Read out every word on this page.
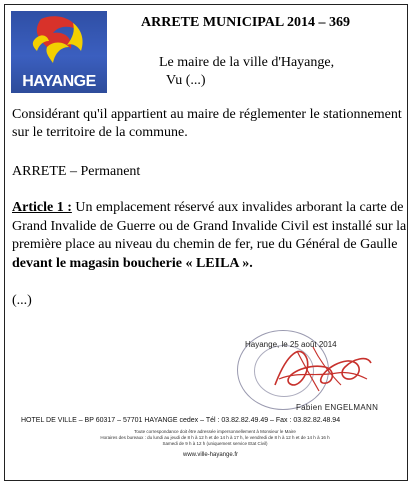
HAYANGE
ARRETE MUNICIPAL 2014 – 369
Le maire de la ville d'Hayange,
Vu (...)
Considérant qu'il appartient au maire de réglementer le stationnement sur le territoire de la commune.
ARRETE – Permanent
Article 1 : Un emplacement réservé aux invalides arborant la carte de Grand Invalide de Guerre ou de Grand Invalide Civil est installé sur la première place au niveau du chemin de fer, rue du Général de Gaulle devant le magasin boucherie « LEILA ».
(...)
Hayange, le 25 août 2014
Fabien ENGELMANN
HOTEL DE VILLE – BP 60317 – 57701 HAYANGE cedex – Tél : 03.82.82.49.49 – Fax : 03.82.82.48.94
Toute correspondance doit être adressée impersonnellement à Monsieur le Maire
Horaires des bureaux : du lundi au jeudi de 8 h à 12 h et de 14 h à 17 h, le vendredi de 8 h à 12 h et de 14 h à 16 h
Samedi de 9 h à 12 h (uniquement service Etat Civil)
www.ville-hayange.fr
